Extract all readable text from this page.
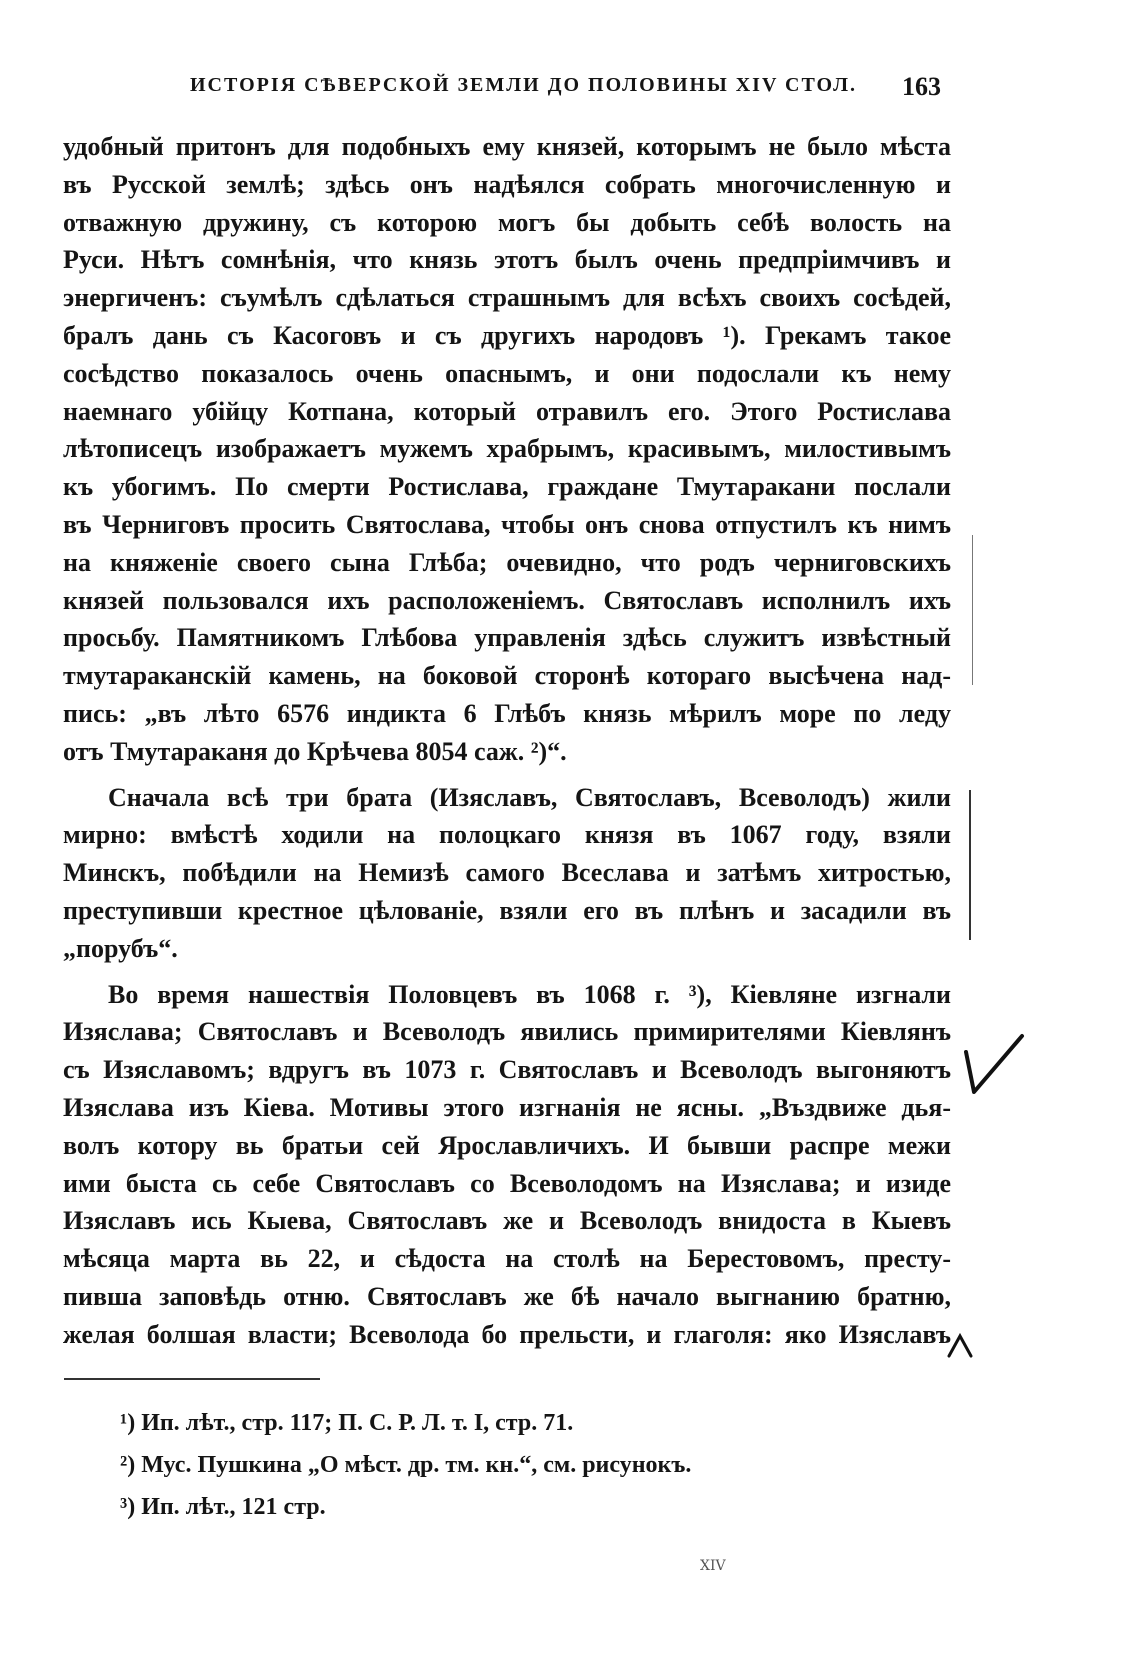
ИСТОРІЯ СѢВЕРСКОЙ ЗЕМЛИ ДО ПОЛОВИНЫ XIV СТОЛ. 163
удобный притонъ для подобныхъ ему князей, которымъ не было мѣста
въ Русской землѣ; здѣсь онъ надѣялся собрать многочисленную и
отважную дружину, съ которою могъ бы добыть себѣ волость на
Руси. Нѣтъ сомнѣнія, что князь этотъ былъ очень предпріимчивъ и
энергиченъ: съумѣлъ сдѣлаться страшнымъ для всѣхъ своихъ сосѣдей,
бралъ дань съ Касоговъ и съ другихъ народовъ ¹). Грекамъ такое
сосѣдство показалось очень опаснымъ, и они подослали къ нему
наемнаго убійцу Котпана, который отравилъ его. Этого Ростислава
лѣтописецъ изображаетъ мужемъ храбрымъ, красивымъ, милостивымъ
къ убогимъ. По смерти Ростислава, граждане Тмутаракани послали
въ Черниговъ просить Святослава, чтобы онъ снова отпустилъ къ нимъ
на княженіе своего сына Глѣба; очевидно, что родъ черниговскихъ
князей пользовался ихъ расположеніемъ. Святославъ исполнилъ ихъ
просьбу. Памятникомъ Глѣбова управленія здѣсь служитъ извѣстный
тмутараканскій камень, на боковой сторонѣ котораго высѣчена над-
пись: „въ лѣто 6576 индикта 6 Глѣбъ князь мѣрилъ море по леду
отъ Тмутараканя до Крѣчева 8054 саж. ²)“.
Сначала всѣ три брата (Изяславъ, Святославъ, Всеволодъ) жили
мирно: вмѣстѣ ходили на полоцкаго князя въ 1067 году, взяли
Минскъ, побѣдили на Немизѣ самого Всеслава и затѣмъ хитростью,
преступивши крестное цѣлованіе, взяли его въ плѣнъ и засадили въ
„порубъ“.
Во время нашествія Половцевъ въ 1068 г. ³), Кіевляне изгнали
Изяслава; Святославъ и Всеволодъ явились примирителями Кіевлянъ
съ Изяславомъ; вдругъ въ 1073 г. Святославъ и Всеволодъ выгоняютъ
Изяслава изъ Кіева. Мотивы этого изгнанія не ясны. „Въздвиже дья-
волъ котору вь братьи сей Ярославличихъ. И бывши распре межи
ими быста сь себе Святославъ со Всеволодомъ на Изяслава; и изиде
Изяславъ ись Кыева, Святославъ же и Всеволодъ внидоста в Кыевъ
мѣсяца марта вь 22, и сѣдоста на столѣ на Берестовомъ, престу-
пивша заповѣдь отню. Святославъ же бѣ начало выгнанию братню,
желая болшая власти; Всеволода бо прельсти, и глаголя: яко Изяславъ
¹) Ип. лѣт., стр. 117; П. С. Р. Л. т. I, стр. 71.
²) Мус. Пушкина „О мѣст. др. тм. кн.“, см. рисунокъ.
³) Ип. лѣт., 121 стр.
XIV
